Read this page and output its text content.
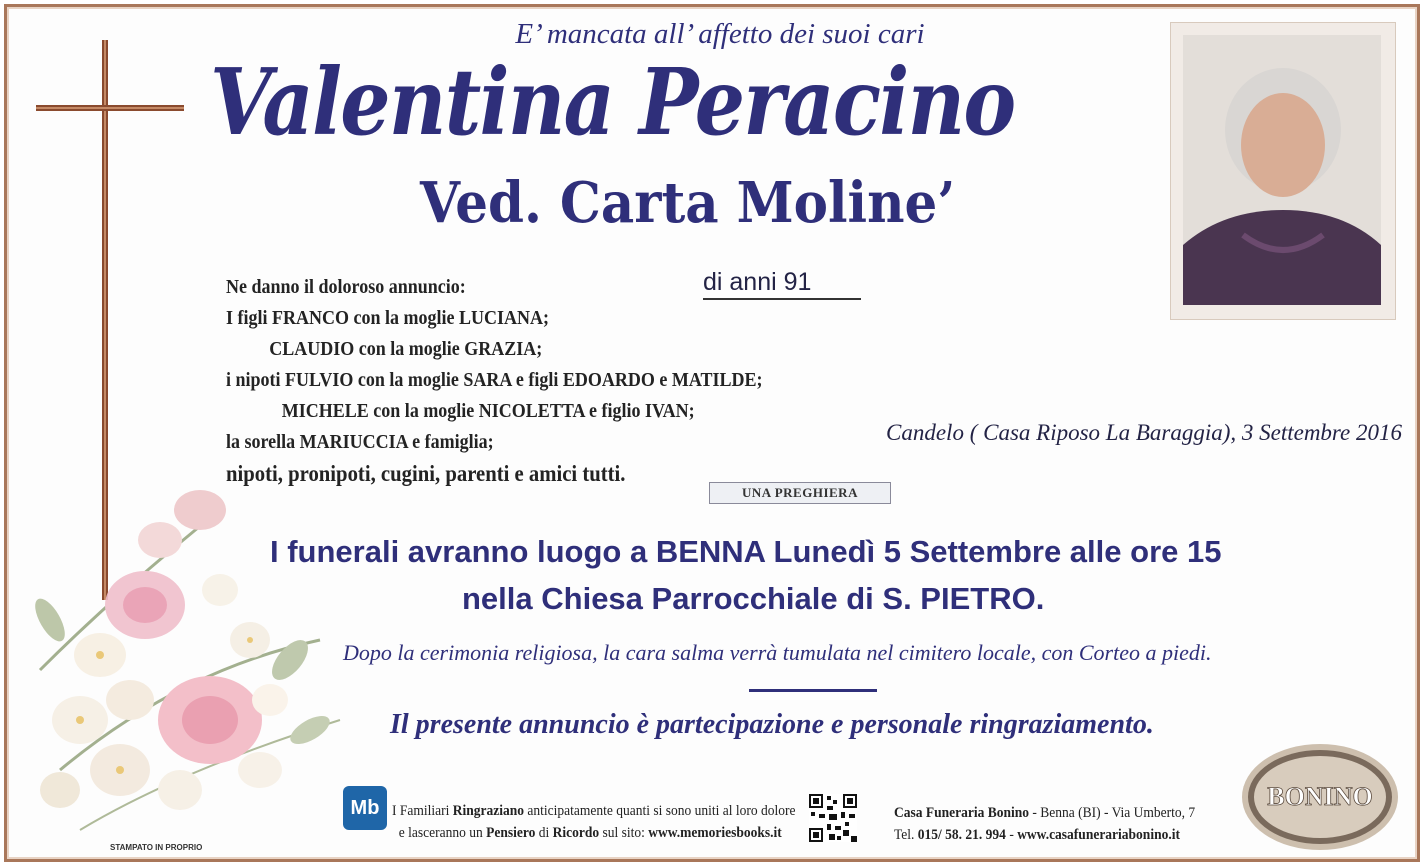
E’ mancata all’ affetto dei suoi cari
Valentina Peracino
Ved. Carta Moline’
di anni 91
Ne danno il doloroso annuncio:
I figli FRANCO con la moglie LUCIANA;
CLAUDIO con la moglie GRAZIA;
i nipoti FULVIO con la moglie SARA e figli EDOARDO e MATILDE;
MICHELE con la moglie NICOLETTA e figlio IVAN;
la sorella MARIUCCIA e famiglia;
nipoti, pronipoti, cugini, parenti e amici tutti.
Candelo ( Casa Riposo La Baraggia), 3 Settembre 2016
UNA PREGHIERA
I funerali avranno luogo a BENNA Lunedì 5 Settembre alle ore 15
nella Chiesa Parrocchiale di S. PIETRO.
Dopo la cerimonia religiosa, la cara salma verrà tumulata nel cimitero locale, con Corteo a piedi.
Il presente annuncio è partecipazione e personale ringraziamento.
STAMPATO IN PROPRIO
Mb I Familiari Ringraziano anticipatamente quanti si sono uniti al loro dolore
e lasceranno un Pensiero di Ricordo sul sito: www.memoriesbooks.it
Casa Funeraria Bonino - Benna (BI) - Via Umberto, 7
Tel. 015/ 58. 21. 994 - www.casafunerariabonino.it
BONINO
